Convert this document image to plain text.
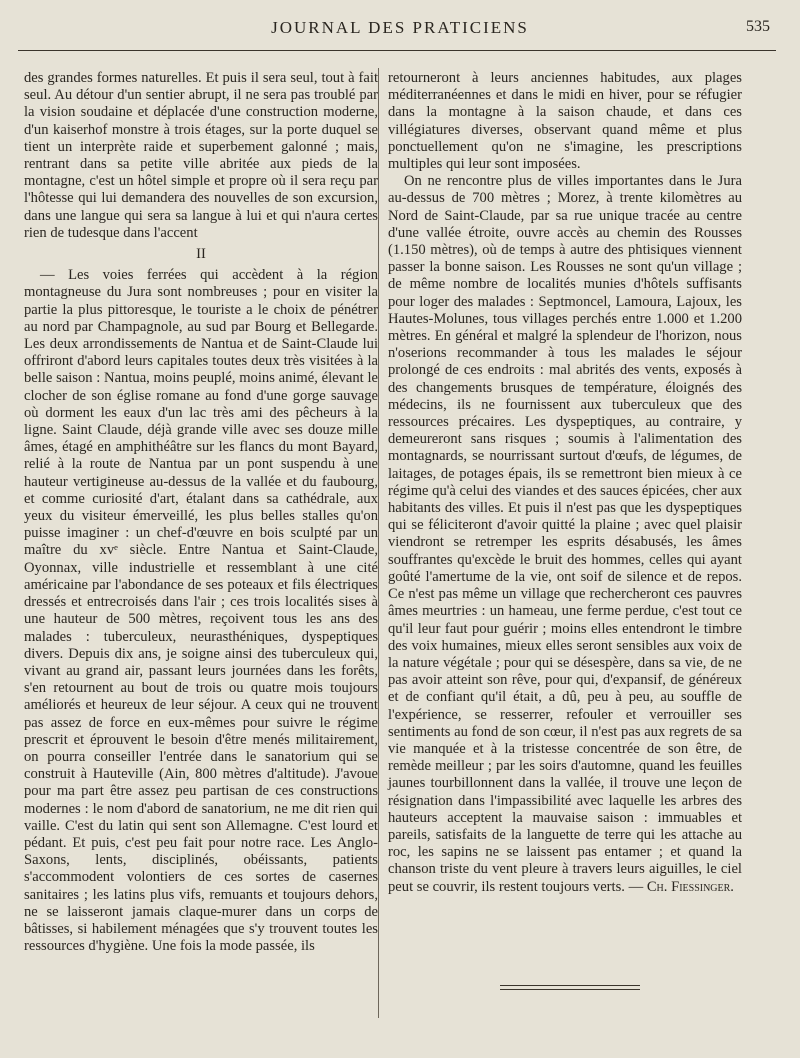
JOURNAL DES PRATICIENS	535

des grandes formes naturelles. Et puis il sera seul, tout à fait seul. Au détour d'un sentier abrupt, il ne sera pas troublé par la vision soudaine et déplacée d'une construction moderne, d'un kaiserhof monstre à trois étages, sur la porte duquel se tient un interprète raide et superbement galonné ; mais, rentrant dans sa petite ville abritée aux pieds de la montagne, c'est un hôtel simple et propre où il sera reçu par l'hôtesse qui lui demandera des nouvelles de son excursion, dans une langue qui sera sa langue à lui et qui n'aura certes rien de tudesque dans l'accent

II

— Les voies ferrées qui accèdent à la région montagneuse du Jura sont nombreuses ; pour en visiter la partie la plus pittoresque, le touriste a le choix de pénétrer au nord par Champagnole, au sud par Bourg et Bellegarde. Les deux arrondissements de Nantua et de Saint-Claude lui offriront d'abord leurs capitales toutes deux très visitées à la belle saison : Nantua, moins peuplé, moins animé, élevant le clocher de son église romane au fond d'une gorge sauvage où dorment les eaux d'un lac très ami des pêcheurs à la ligne. Saint Claude, déjà grande ville avec ses douze mille âmes, étagé en amphithéâtre sur les flancs du mont Bayard, relié à la route de Nantua par un pont suspendu à une hauteur vertigineuse au-dessus de la vallée et du faubourg, et comme curiosité d'art, étalant dans sa cathédrale, aux yeux du visiteur émerveillé, les plus belles stalles qu'on puisse imaginer : un chef-d'œuvre en bois sculpté par un maître du xvᵉ siècle. Entre Nantua et Saint-Claude, Oyonnax, ville industrielle et ressemblant à une cité américaine par l'abondance de ses poteaux et fils électriques dressés et entrecroisés dans l'air ; ces trois localités sises à une hauteur de 500 mètres, reçoivent tous les ans des malades : tuberculeux, neurasthéniques, dyspeptiques divers. Depuis dix ans, je soigne ainsi des tuberculeux qui, vivant au grand air, passant leurs journées dans les forêts, s'en retournent au bout de trois ou quatre mois toujours améliorés et heureux de leur séjour. A ceux qui ne trouvent pas assez de force en eux-mêmes pour suivre le régime prescrit et éprouvent le besoin d'être menés militairement, on pourra conseiller l'entrée dans le sanatorium qui se construit à Hauteville (Ain, 800 mètres d'altitude). J'avoue pour ma part être assez peu partisan de ces constructions modernes : le nom d'abord de sanatorium, ne me dit rien qui vaille. C'est du latin qui sent son Allemagne. C'est lourd et pédant. Et puis, c'est peu fait pour notre race. Les Anglo-Saxons, lents, disciplinés, obéissants, patients s'accommodent volontiers de ces sortes de casernes sanitaires ; les latins plus vifs, remuants et toujours dehors, ne se laisseront jamais claque-murer dans un corps de bâtisses, si habilement ménagées que s'y trouvent toutes les ressources d'hygiène. Une fois la mode passée, ils

retourneront à leurs anciennes habitudes, aux plages méditerranéennes et dans le midi en hiver, pour se réfugier dans la montagne à la saison chaude, et dans ces villégiatures diverses, observant quand même et plus ponctuellement qu'on ne s'imagine, les prescriptions multiples qui leur sont imposées.

On ne rencontre plus de villes importantes dans le Jura au-dessus de 700 mètres ; Morez, à trente kilomètres au Nord de Saint-Claude, par sa rue unique tracée au centre d'une vallée étroite, ouvre accès au chemin des Rousses (1.150 mètres), où de temps à autre des phtisiques viennent passer la bonne saison. Les Rousses ne sont qu'un village ; de même nombre de localités munies d'hôtels suffisants pour loger des malades : Septmoncel, Lamoura, Lajoux, les Hautes-Molunes, tous villages perchés entre 1.000 et 1.200 mètres. En général et malgré la splendeur de l'horizon, nous n'oserions recommander à tous les malades le séjour prolongé de ces endroits : mal abrités des vents, exposés à des changements brusques de température, éloignés des médecins, ils ne fournissent aux tuberculeux que des ressources précaires. Les dyspeptiques, au contraire, y demeureront sans risques ; soumis à l'alimentation des montagnards, se nourrissant surtout d'œufs, de légumes, de laitages, de potages épais, ils se remettront bien mieux à ce régime qu'à celui des viandes et des sauces épicées, cher aux habitants des villes. Et puis il n'est pas que les dyspeptiques qui se féliciteront d'avoir quitté la plaine ; avec quel plaisir viendront se retremper les esprits désabusés, les âmes souffrantes qu'excède le bruit des hommes, celles qui ayant goûté l'amertume de la vie, ont soif de silence et de repos. Ce n'est pas même un village que rechercheront ces pauvres âmes meurtries : un hameau, une ferme perdue, c'est tout ce qu'il leur faut pour guérir ; moins elles entendront le timbre des voix humaines, mieux elles seront sensibles aux voix de la nature végétale ; pour qui se désespère, dans sa vie, de ne pas avoir atteint son rêve, pour qui, d'expansif, de généreux et de confiant qu'il était, a dû, peu à peu, au souffle de l'expérience, se resserrer, refouler et verrouiller ses sentiments au fond de son cœur, il n'est pas aux regrets de sa vie manquée et à la tristesse concentrée de son être, de remède meilleur ; par les soirs d'automne, quand les feuilles jaunes tourbillonnent dans la vallée, il trouve une leçon de résignation dans l'impassibilité avec laquelle les arbres des hauteurs acceptent la mauvaise saison : immuables et pareils, satisfaits de la languette de terre qui les attache au roc, les sapins ne se laissent pas entamer ; et quand la chanson triste du vent pleure à travers leurs aiguilles, le ciel peut se couvrir, ils restent toujours verts. — Ch. Fiessinger.
